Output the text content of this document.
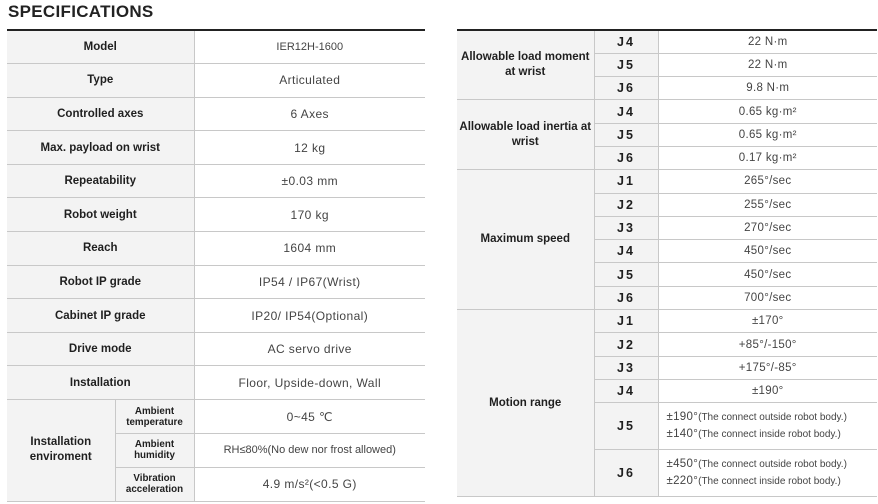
SPECIFICATIONS
Model	IER12H-1600
Type	Articulated
Controlled axes	6 Axes
Max. payload on wrist	12 kg
Repeatability	±0.03 mm
Robot weight	170 kg
Reach	1604 mm
Robot IP grade	IP54 / IP67(Wrist)
Cabinet IP grade	IP20/ IP54(Optional)
Drive mode	AC servo drive
Installation	Floor, Upside-down, Wall

Installation enviroment	Ambient temperature	0~45 ℃
Ambient humidity	RH≤80%(No dew nor frost allowed)
Vibration acceleration	4.9 m/s²(<0.5 G)
Allowable load moment at wrist	J4	22 N·m
	J5	22 N·m
	J6	9.8 N·m
Allowable load inertia at wrist	J4	0.65 kg·m²
	J5	0.65 kg·m²
	J6	0.17 kg·m²
Maximum speed	J1	265°/sec
	J2	255°/sec
	J3	270°/sec
	J4	450°/sec
	J5	450°/sec
	J6	700°/sec
Motion range	J1	±170°
	J2	+85°/-150°
	J3	+175°/-85°
	J4	±190°
	J5	±190°(The connect outside robot body.)
±140°(The connect inside robot body.)

	J6	±450°(The connect outside robot body.)
±220°(The connect inside robot body.)
